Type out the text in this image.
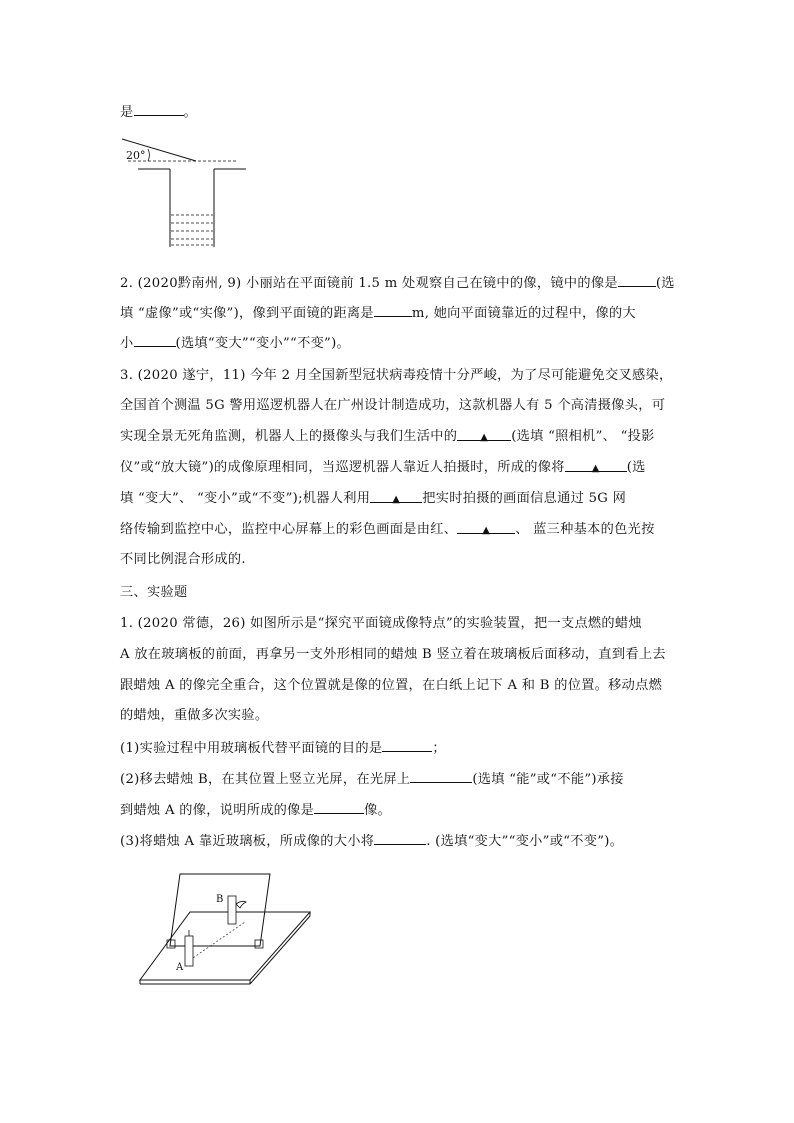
是	。
20°
2. (2020黔南州, 9) 小丽站在平面镜前 1.5 m 处观察自己在镜中的像，镜中的像是	(选
填 “虚像”或“实像”)，像到平面镜的距离是	m, 她向平面镜靠近的过程中，像的大
小	(选填“变大”“变小”“不变”)。
3. (2020 遂宁，11) 今年 2 月全国新型冠状病毒疫情十分严峻，为了尽可能避免交叉感染，
全国首个测温 5G 警用巡逻机器人在广州设计制造成功，这款机器人有 5 个高清摄像头，可
实现全景无死角监测，机器人上的摄像头与我们生活中的 ▲ (选填 “照相机”、 “投影
仪”或“放大镜”)的成像原理相同，当巡逻机器人靠近人拍摄时，所成的像将	▲ (选
填 “变大”、 “变小”或“不变”);机器人利用 ▲ 把实时拍摄的画面信息通过 5G 网
络传输到监控中心，监控中心屏幕上的彩色画面是由红、	▲ 、 蓝三种基本的色光按
不同比例混合形成的.
三、实验题
1. (2020 常德，26) 如图所示是“探究平面镜成像特点”的实验装置，把一支点燃的蜡烛
A 放在玻璃板的前面，再拿另一支外形相同的蜡烛 B 竖立着在玻璃板后面移动，直到看上去
跟蜡烛 A 的像完全重合，这个位置就是像的位置，在白纸上记下 A 和 B 的位置。移动点燃
的蜡烛，重做多次实验。
(1)实验过程中用玻璃板代替平面镜的目的是	；
(2)移去蜡烛 B，在其位置上竖立光屏，在光屏上	(选填 “能”或“不能”)承接
到蜡烛 A 的像，说明所成的像是	像。
(3)将蜡烛 A 靠近玻璃板，所成像的大小将	. (选填“变大”“变小”或“不变”)。
A
B
